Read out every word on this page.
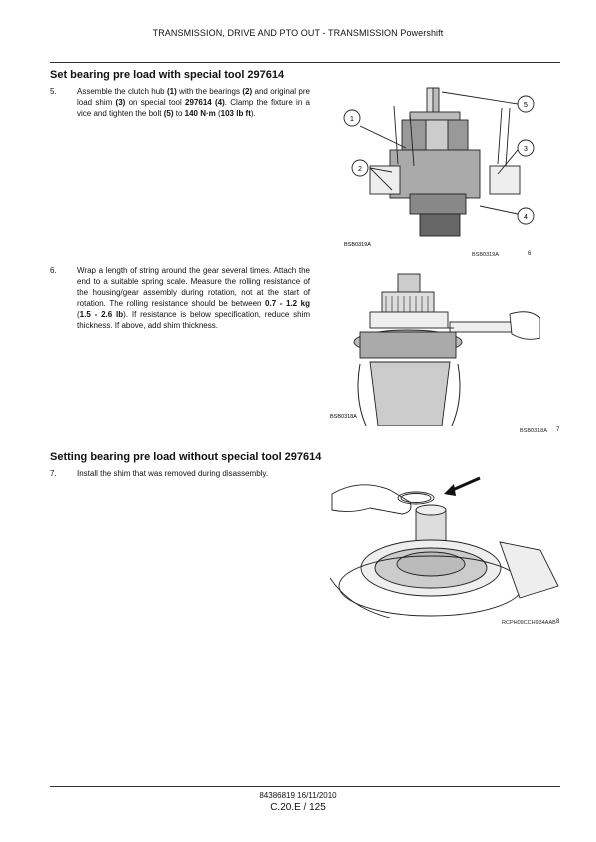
TRANSMISSION, DRIVE AND PTO OUT - TRANSMISSION Powershift
Set bearing pre load with special tool 297614
5.	Assemble the clutch hub (1) with the bearings (2) and original pre load shim (3) on special tool 297614 (4). Clamp the fixture in a vice and tighten the bolt (5) to 140 N·m (103 lb ft).
1
2
3
4
5
BSB0319A
BSB0319A	6
6.	Wrap a length of string around the gear several times. Attach the end to a suitable spring scale. Measure the rolling resistance of the housing/gear assembly during rotation, not at the start of rotation. The rolling resistance should be between 0.7 - 1.2 kg (1.5 - 2.6 lb). If resistance is below specification, reduce shim thickness. If above, add shim thickness.
BSB0318A
BSB0318A 7
Setting bearing pre load without special tool 297614
7.	Install the shim that was removed during disassembly.
RCPH09CCH934AAB 8
84386819 16/11/2010
C.20.E / 125
